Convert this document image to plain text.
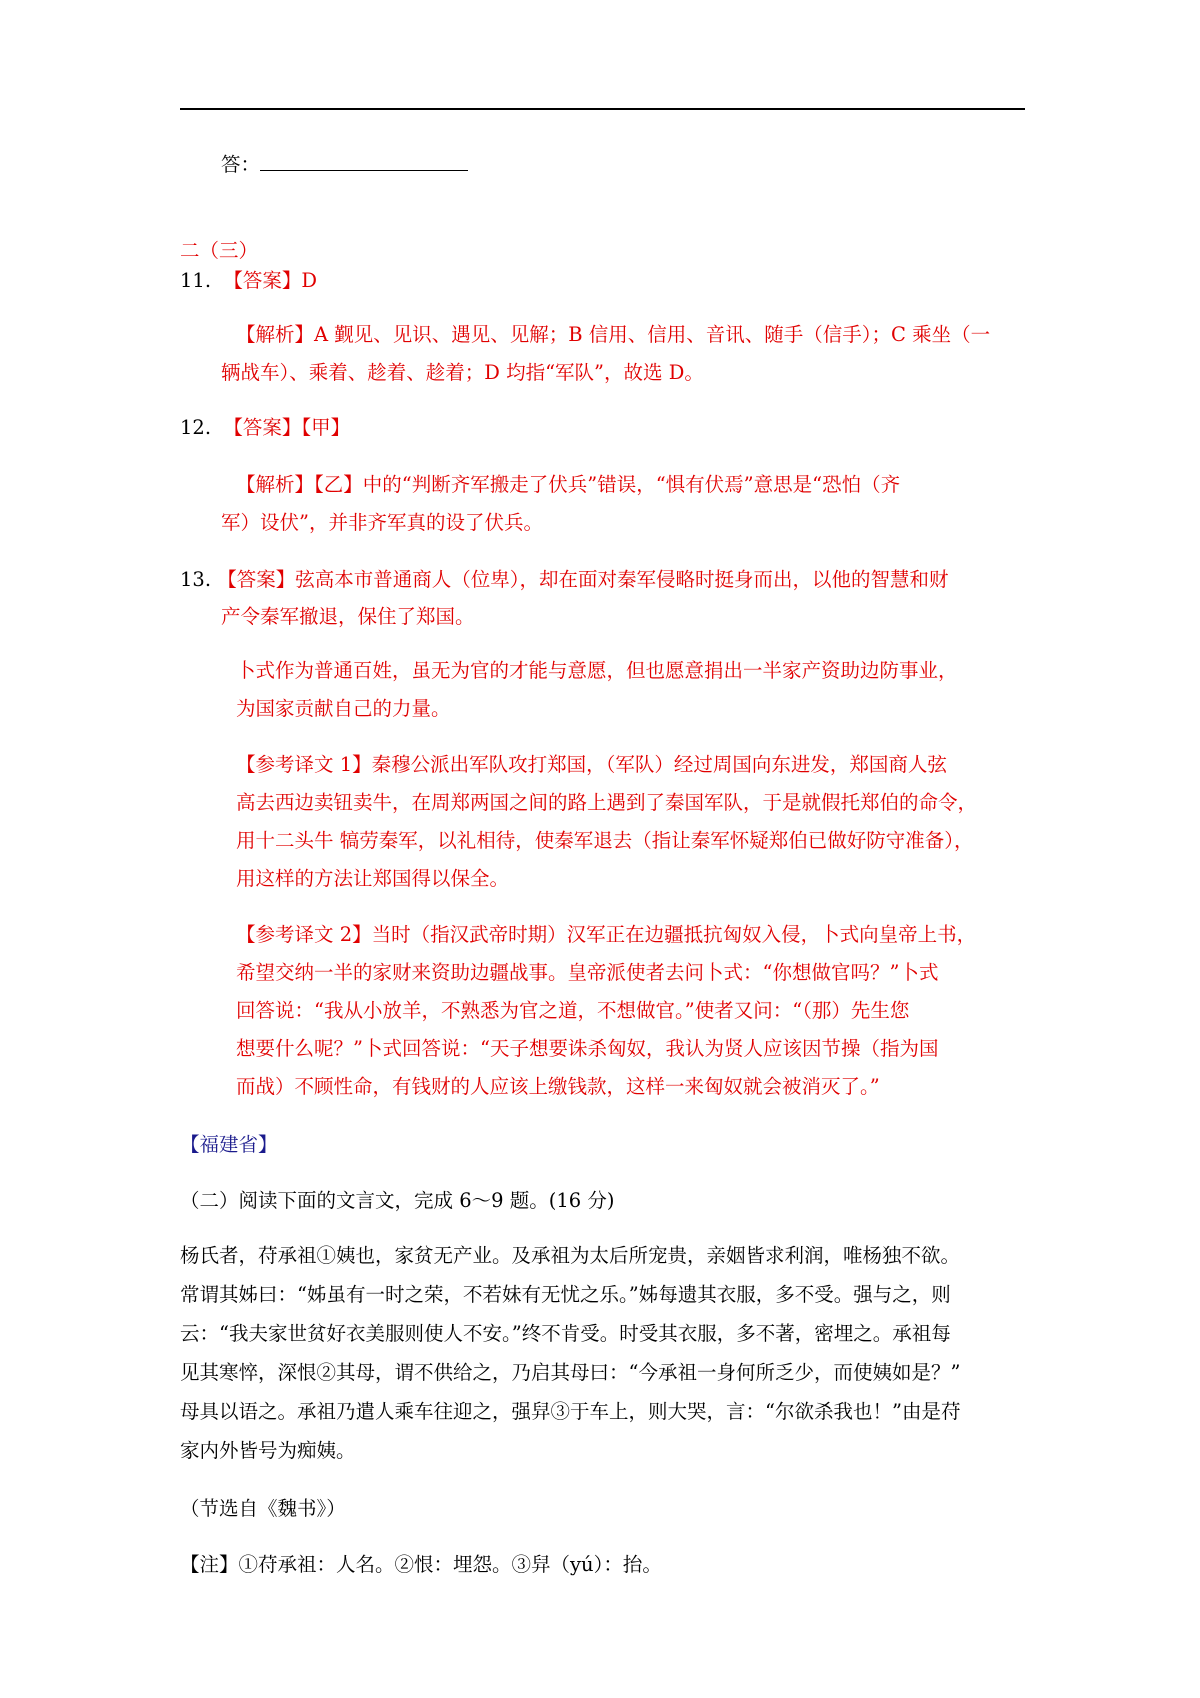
答：
二（三）
11. 【答案】D
【解析】A 觐见、见识、遇见、见解；B 信用、信用、音讯、随手（信手）；C 乘坐（一
辆战车）、乘着、趁着、趁着；D 均指“军队”，故选 D。
12. 【答案】【甲】
【解析】【乙】中的“判断齐军搬走了伏兵”错误，“惧有伏焉”意思是“恐怕（齐
军）设伏”，并非齐军真的设了伏兵。
13. 【答案】弦高本市普通商人（位卑），却在面对秦军侵略时挺身而出，以他的智慧和财
产令秦军撤退，保住了郑国。
卜式作为普通百姓，虽无为官的才能与意愿，但也愿意捐出一半家产资助边防事业，
为国家贡献自己的力量。
【参考译文 1】秦穆公派出军队攻打郑国，（军队）经过周国向东进发，郑国商人弦
高去西边卖钮卖牛，在周郑两国之间的路上遇到了秦国军队，于是就假托郑伯的命令，
用十二头牛 犒劳秦军，以礼相待，使秦军退去（指让秦军怀疑郑伯已做好防守准备），
用这样的方法让郑国得以保全。
【参考译文 2】当时（指汉武帝时期）汉军正在边疆抵抗匈奴入侵，卜式向皇帝上书，
希望交纳一半的家财来资助边疆战事。皇帝派使者去问卜式：“你想做官吗？”卜式
回答说：“我从小放羊，不熟悉为官之道，不想做官。”使者又问：“（那）先生您
想要什么呢？”卜式回答说：“天子想要诛杀匈奴，我认为贤人应该因节操（指为国
而战）不顾性命，有钱财的人应该上缴钱款，这样一来匈奴就会被消灭了。”
【福建省】
（二）阅读下面的文言文，完成 6～9 题。(16 分)
杨氏者，苻承祖①姨也，家贫无产业。及承祖为太后所宠贵，亲姻皆求利润，唯杨独不欲。
常谓其姊曰：“姊虽有一时之荣，不若妹有无忧之乐。”姊每遗其衣服，多不受。强与之，则
云：“我夫家世贫好衣美服则使人不安。”终不肯受。时受其衣服，多不著，密埋之。承祖每
见其寒悴，深恨②其母，谓不供给之，乃启其母曰：“今承祖一身何所乏少，而使姨如是？”
母具以语之。承祖乃遣人乘车往迎之，强舁③于车上，则大哭，言：“尔欲杀我也！”由是苻
家内外皆号为痴姨。
（节选自《魏书》）
【注】①苻承祖：人名。②恨：埋怨。③舁（yú）：抬。
